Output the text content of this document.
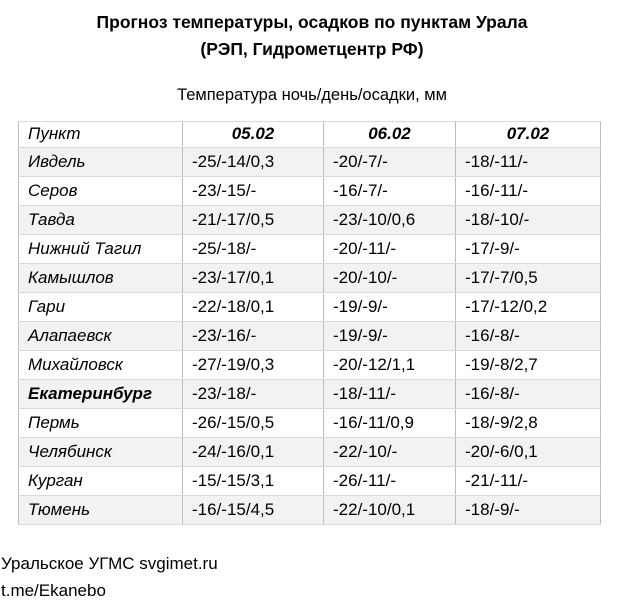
Прогноз температуры, осадков по пунктам Урала
(РЭП, Гидрометцентр РФ)
Температура ночь/день/осадки, мм
Пункт	05.02	06.02	07.02
Ивдель	-25/-14/0,3	-20/-7/-	-18/-11/-
Серов	-23/-15/-	-16/-7/-	-16/-11/-
Тавда	-21/-17/0,5	-23/-10/0,6	-18/-10/-
Нижний Тагил	-25/-18/-	-20/-11/-	-17/-9/-
Камышлов	-23/-17/0,1	-20/-10/-	-17/-7/0,5
Гари	-22/-18/0,1	-19/-9/-	-17/-12/0,2
Алапаевск	-23/-16/-	-19/-9/-	-16/-8/-
Михайловск	-27/-19/0,3	-20/-12/1,1	-19/-8/2,7
Екатеринбург	-23/-18/-	-18/-11/-	-16/-8/-
Пермь	-26/-15/0,5	-16/-11/0,9	-18/-9/2,8
Челябинск	-24/-16/0,1	-22/-10/-	-20/-6/0,1
Курган	-15/-15/3,1	-26/-11/-	-21/-11/-
Тюмень	-16/-15/4,5	-22/-10/0,1	-18/-9/-
Уральское УГМС svgimet.ru
t.me/Ekanebo
